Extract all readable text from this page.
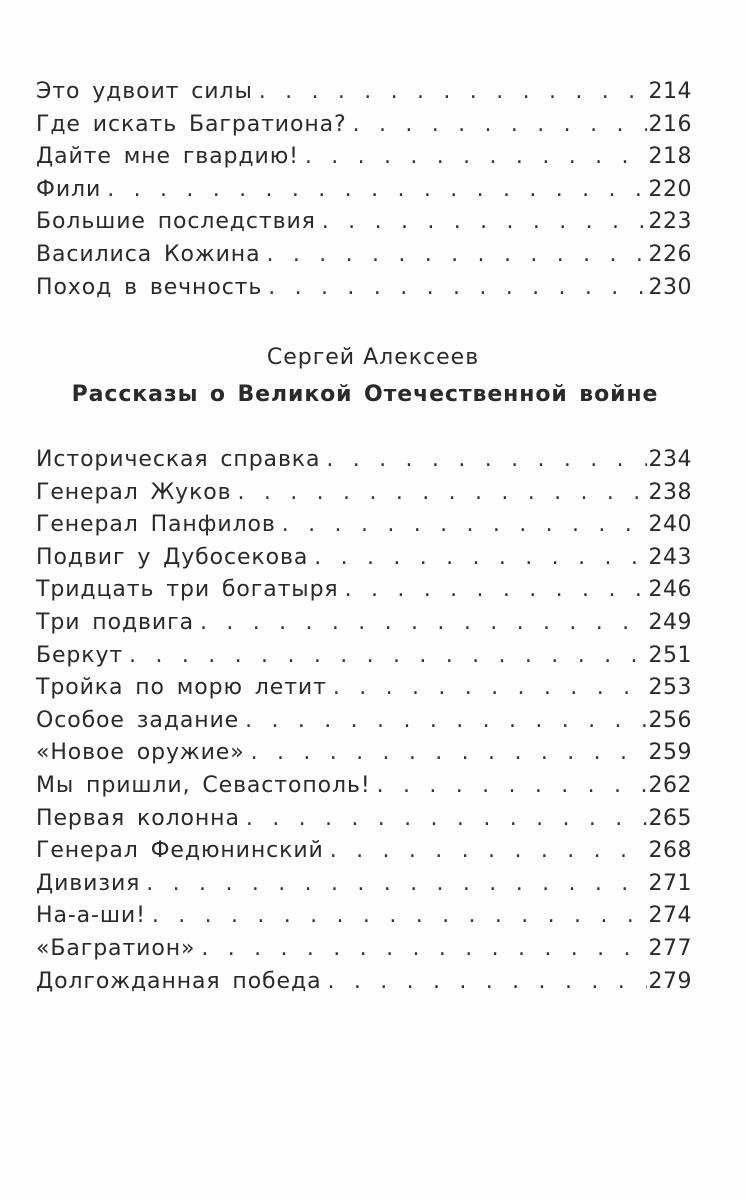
Это удвоит силы . . .	214
Где искать Багратиона? . . .	216
Дайте мне гвардию! . . .	218
Фили . . .	220
Большие последствия . . .	223
Василиса Кожина . . .	226
Поход в вечность . . .	230
Сергей Алексеев
Рассказы о Великой Отечественной войне
Историческая справка . . .	234
Генерал Жуков . . .	238
Генерал Панфилов . . .	240
Подвиг у Дубосекова . . .	243
Тридцать три богатыря . . .	246
Три подвига . . .	249
Беркут . . .	251
Тройка по морю летит . . .	253
Особое задание . . .	256
«Новое оружие» . . .	259
Мы пришли, Севастополь! . . .	262
Первая колонна . . .	265
Генерал Федюнинский . . .	268
Дивизия . . .	271
На-а-ши! . . .	274
«Багратион» . . .	277
Долгожданная победа . . .	279
